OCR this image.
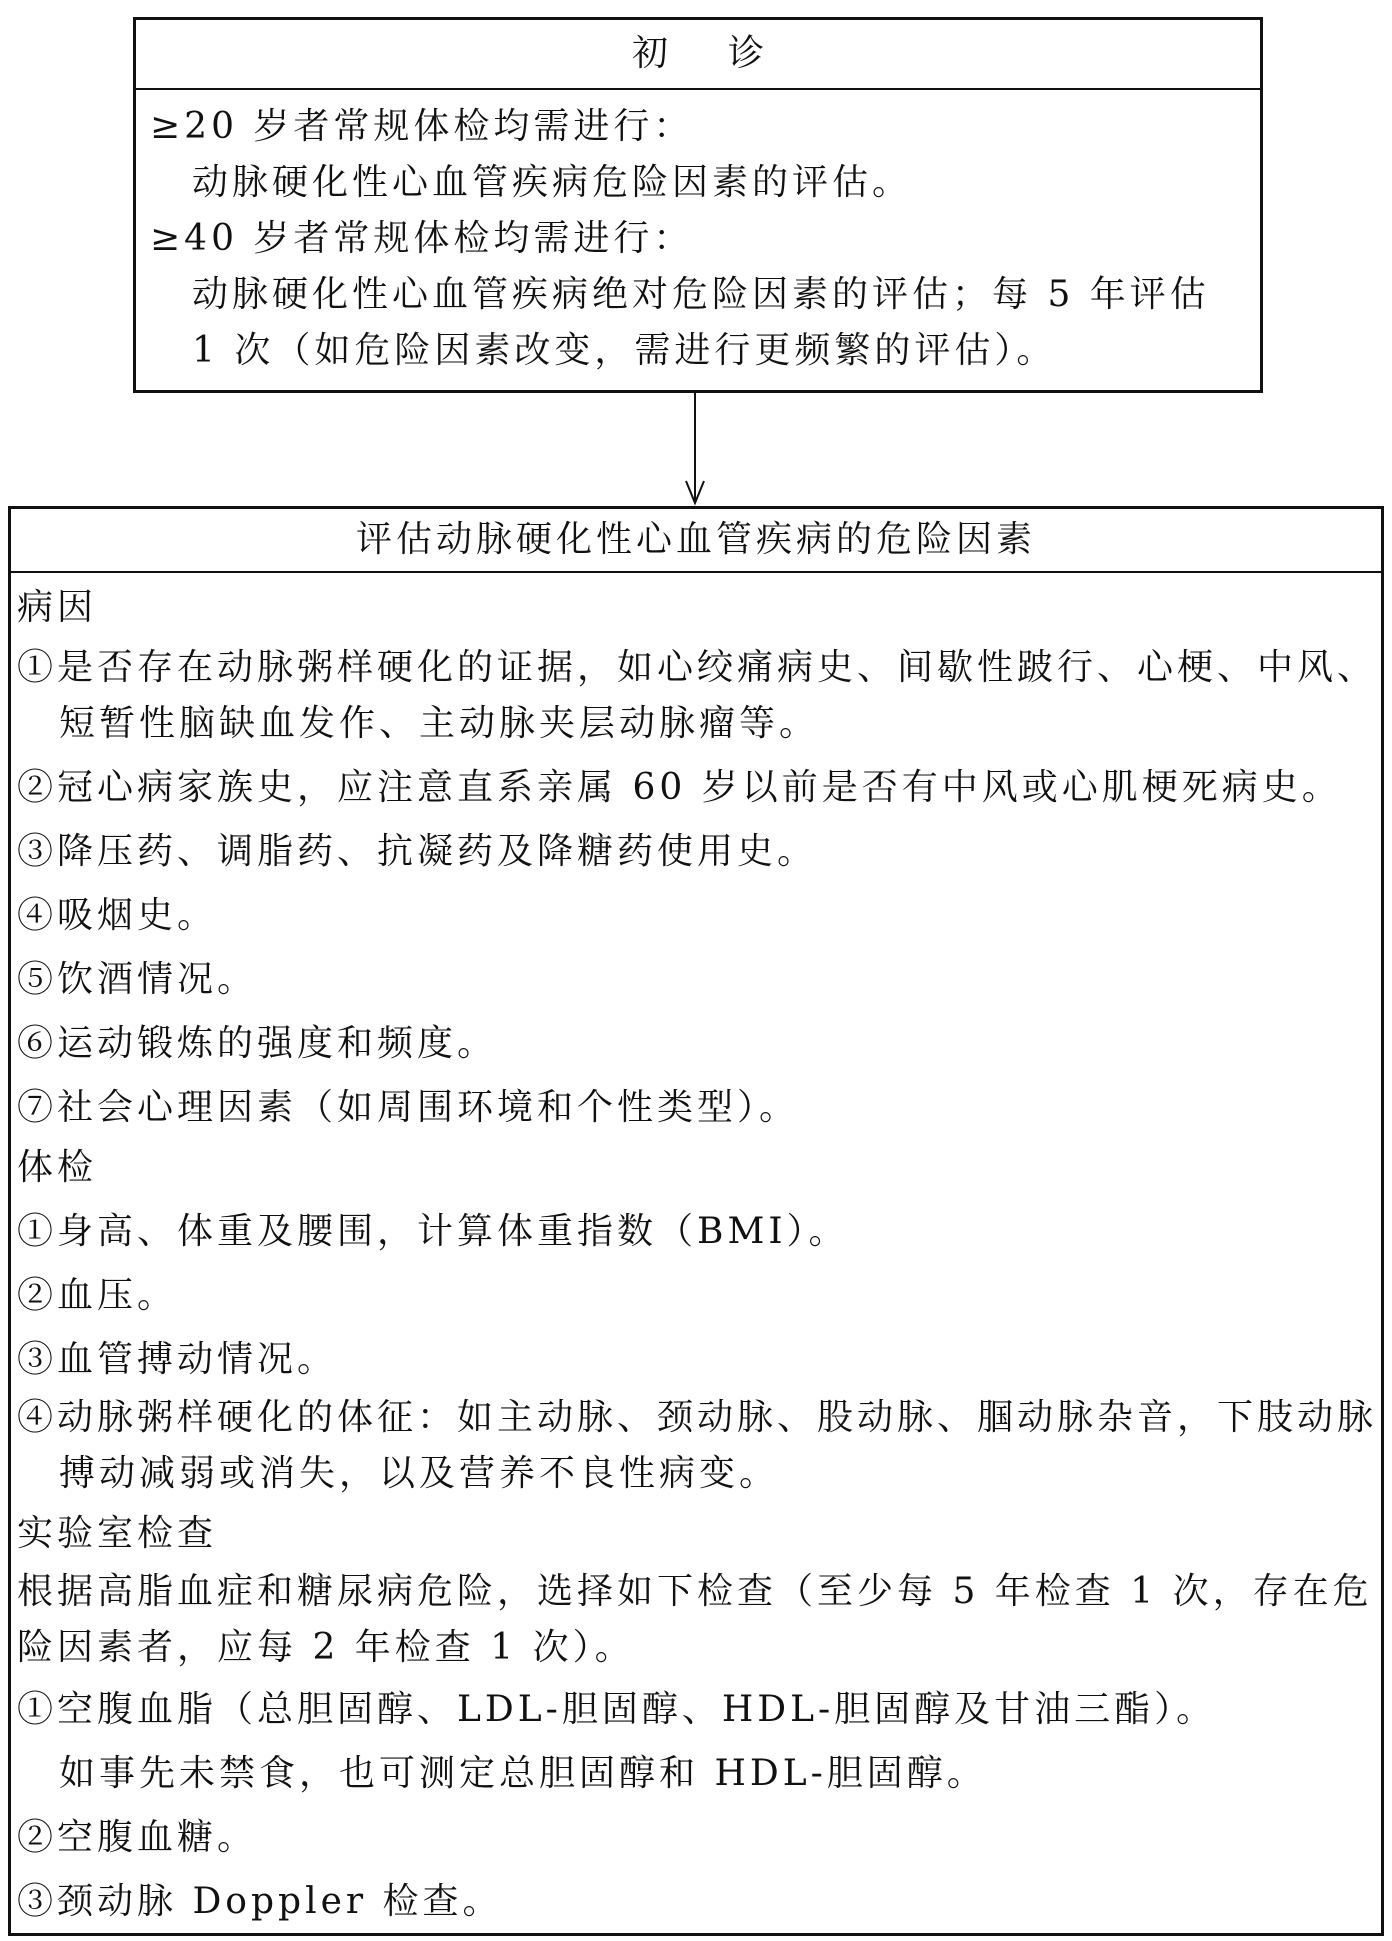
初诊
≥20 岁者常规体检均需进行：
动脉硬化性心血管疾病危险因素的评估。
≥40 岁者常规体检均需进行：
动脉硬化性心血管疾病绝对危险因素的评估；每 5 年评估
1 次（如危险因素改变，需进行更频繁的评估）。
评估动脉硬化性心血管疾病的危险因素
病因
①是否存在动脉粥样硬化的证据，如心绞痛病史、间歇性跛行、心梗、中风、
短暂性脑缺血发作、主动脉夹层动脉瘤等。
②冠心病家族史，应注意直系亲属 60 岁以前是否有中风或心肌梗死病史。
③降压药、调脂药、抗凝药及降糖药使用史。
④吸烟史。
⑤饮酒情况。
⑥运动锻炼的强度和频度。
⑦社会心理因素（如周围环境和个性类型）。
体检
①身高、体重及腰围，计算体重指数（BMI）。
②血压。
③血管搏动情况。
④动脉粥样硬化的体征：如主动脉、颈动脉、股动脉、腘动脉杂音，下肢动脉
搏动减弱或消失，以及营养不良性病变。
实验室检查
根据高脂血症和糖尿病危险，选择如下检查（至少每 5 年检查 1 次，存在危
险因素者，应每 2 年检查 1 次）。
①空腹血脂（总胆固醇、LDL-胆固醇、HDL-胆固醇及甘油三酯）。
如事先未禁食，也可测定总胆固醇和 HDL-胆固醇。
②空腹血糖。
③颈动脉 Doppler 检查。
